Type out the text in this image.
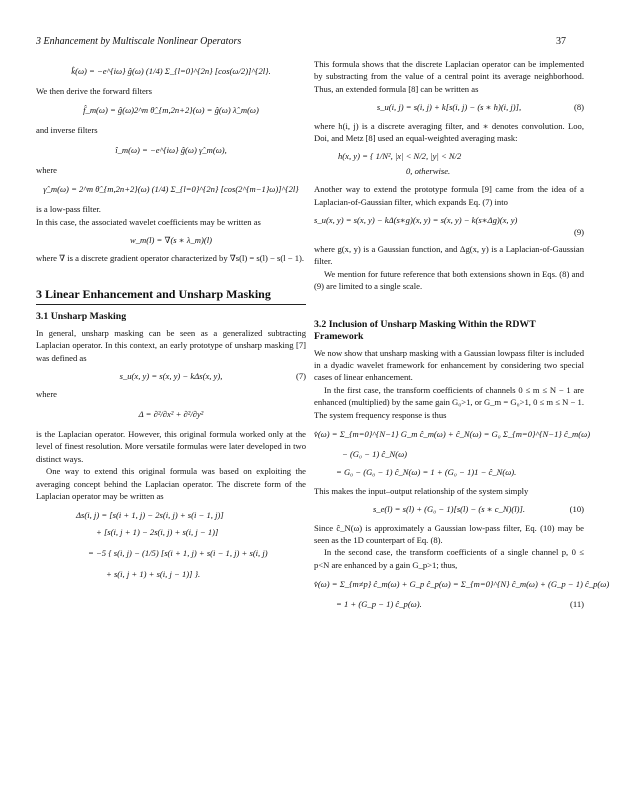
3 Enhancement by Multiscale Nonlinear Operators	37
k̂(ω) = −e^{iω} ĝ(ω) (1/4) Σ_{l=0}^{2n} [cos(ω/2)]^{2l}.

We then derive the forward filters

f̂_m(ω) = ĝ(ω)2^m θ̂_{m,2n+2}(ω) = ĝ(ω) λ̂_m(ω)

and inverse filters

î_m(ω) = −e^{iω} ĝ(ω) γ̂_m(ω),

where

γ̂_m(ω) = 2^m θ̂_{m,2n+2}(ω) (1/4) Σ_{l=0}^{2n} [cos(2^{m−1}ω)]^{2l}

is a low-pass filter.

In this case, the associated wavelet coefficients may be written as

w_m(l) = ∇(s ∗ λ_m)(l)

where ∇ is a discrete gradient operator characterized by ∇s(l) = s(l) − s(l − 1).

3 Linear Enhancement and Unsharp Masking
3.1 Unsharp Masking

In general, unsharp masking can be seen as a generalized subtracting Laplacian operator. In this context, an early prototype of unsharp masking [7] was defined as

s_u(x, y) = s(x, y) − kΔs(x, y),	(7)

where

Δ = ∂²/∂x² + ∂²/∂y²

is the Laplacian operator. However, this original formula worked only at the level of finest resolution. More versatile formulas were later developed in two distinct ways.

One way to extend this original formula was based on exploiting the averaging concept behind the Laplacian operator. The discrete form of the Laplacian operator may be written as

Δs(i, j) = [s(i + 1, j) − 2s(i, j) + s(i − 1, j)]
+ [s(i, j + 1) − 2s(i, j) + s(i, j − 1)]
= −5 { s(i, j) − (1/5) [s(i + 1, j) + s(i − 1, j) + s(i, j)
+ s(i, j + 1) + s(i, j − 1)] }.

This formula shows that the discrete Laplacian operator can be implemented by substracting from the value of a central point its average neighborhood. Thus, an extended formula [8] can be written as

s_u(i, j) = s(i, j) + k[s(i, j) − (s ∗ h)(i, j)],	(8)

where h(i, j) is a discrete averaging filter, and ∗ denotes convolution. Loo, Doi, and Metz [8] used an equal-weighted averaging mask:

h(x, y) = { 1/N², |x| < N/2, |y| < N/2
0, otherwise.

Another way to extend the prototype formula [9] came from the idea of a Laplacian-of-Gaussian filter, which expands Eq. (7) into

s_u(x, y) = s(x, y) − kΔ(s∗g)(x, y) = s(x, y) − k(s∗Δg)(x, y)
(9)

where g(x, y) is a Gaussian function, and Δg(x, y) is a Laplacian-of-Gaussian filter.

We mention for future reference that both extensions shown in Eqs. (8) and (9) are limited to a single scale.

3.2 Inclusion of Unsharp Masking Within the RDWT Framework

We now show that unsharp masking with a Gaussian lowpass filter is included in a dyadic wavelet framework for enhancement by considering two special cases of linear enhancement.

In the first case, the transform coefficients of channels 0 ≤ m ≤ N − 1 are enhanced (multiplied) by the same gain G₀>1, or G_m = G₀>1, 0 ≤ m ≤ N − 1. The system frequency response is thus

v̂(ω) = Σ_{m=0}^{N−1} G_m ĉ_m(ω) + ĉ_N(ω) = G₀ Σ_{m=0}^{N−1} ĉ_m(ω)
− (G₀ − 1) ĉ_N(ω)
= G₀ − (G₀ − 1) ĉ_N(ω) = 1 + (G₀ − 1)1 − ĉ_N(ω).

This makes the input–output relationship of the system simply

s_e(l) = s(l) + (G₀ − 1)[s(l) − (s ∗ c_N)(l)].	(10)

Since ĉ_N(ω) is approximately a Gaussian low-pass filter, Eq. (10) may be seen as the 1D counterpart of Eq. (8).

In the second case, the transform coefficients of a single channel p, 0 ≤ p<N are enhanced by a gain G_p>1; thus,

v̂(ω) = Σ_{m≠p} ĉ_m(ω) + G_p ĉ_p(ω) = Σ_{m=0}^{N} ĉ_m(ω) + (G_p − 1) ĉ_p(ω)
= 1 + (G_p − 1) ĉ_p(ω).	(11)
